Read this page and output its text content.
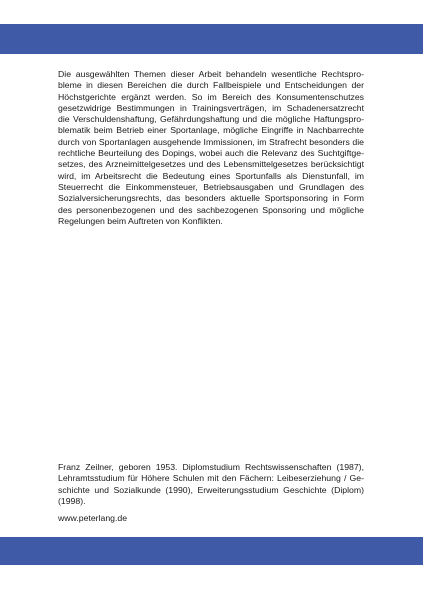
Die ausgewählten Themen dieser Arbeit behandeln wesentliche Rechtspro-
bleme in diesen Bereichen die durch Fallbeispiele und Entscheidungen der
Höchstgerichte ergänzt werden. So im Bereich des Konsumentenschutzes
gesetzwidrige Bestimmungen in Trainingsverträgen, im Schadenersatzrecht
die Verschuldenshaftung, Gefährdungshaftung und die mögliche Haftungspro-
blematik beim Betrieb einer Sportanlage, mögliche Eingriffe in Nachbarrechte
durch von Sportanlagen ausgehende Immissionen, im Strafrecht besonders die
rechtliche Beurteilung des Dopings, wobei auch die Relevanz des Suchtgiftge-
setzes, des Arzneimittelgesetzes und des Lebensmittelgesetzes berücksichtigt
wird, im Arbeitsrecht die Bedeutung eines Sportunfalls als Dienstunfall, im
Steuerrecht die Einkommensteuer, Betriebsausgaben und Grundlagen des
Sozialversicherungsrechts, das besonders aktuelle Sportsponsoring in Form
des personenbezogenen und des sachbezogenen Sponsoring und mögliche
Regelungen beim Auftreten von Konflikten.
Franz Zeilner, geboren 1953. Diplomstudium Rechtswissenschaften (1987),
Lehramtsstudium für Höhere Schulen mit den Fächern: Leibeserziehung / Ge-
schichte und Sozialkunde (1990), Erweiterungsstudium Geschichte (Diplom)
(1998).
www.peterlang.de
